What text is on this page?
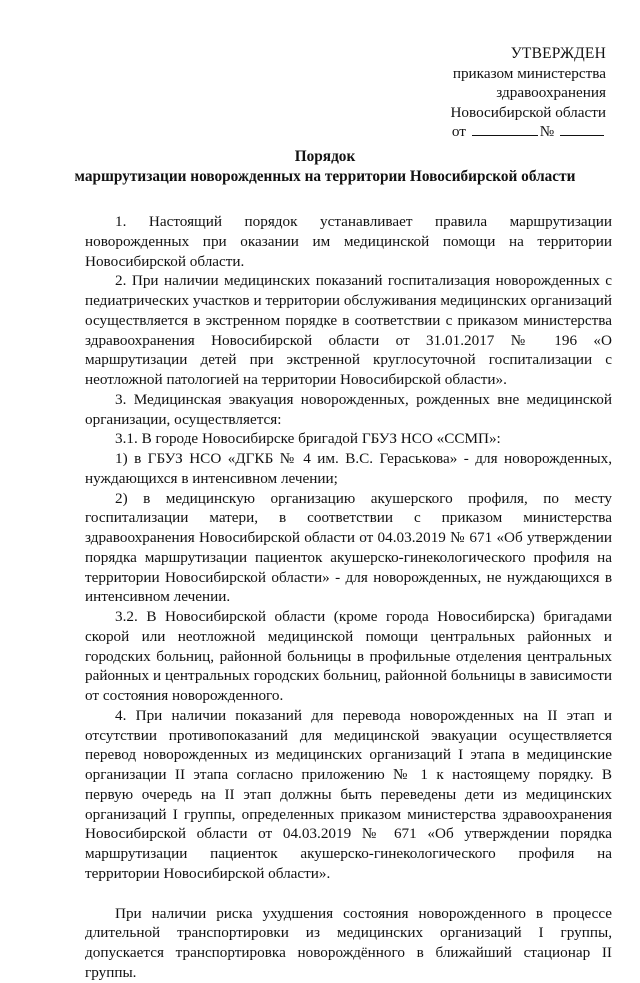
УТВЕРЖДЕН
приказом министерства
здравоохранения
Новосибирской области
от	№
Порядок
маршрутизации новорожденных на территории Новосибирской области

1. Настоящий порядок устанавливает правила маршрутизации новорожденных при оказании им медицинской помощи на территории Новосибирской области.

2. При наличии медицинских показаний госпитализация новорожденных с педиатрических участков и территории обслуживания медицинских организаций осуществляется в экстренном порядке в соответствии с приказом министерства здравоохранения Новосибирской области от 31.01.2017 № 196 «О маршрутизации детей при экстренной круглосуточной госпитализации с неотложной патологией на территории Новосибирской области».

3. Медицинская эвакуация новорожденных, рожденных вне медицинской организации, осуществляется:

3.1. В городе Новосибирске бригадой ГБУЗ НСО «ССМП»:

1) в ГБУЗ НСО «ДГКБ № 4 им. В.С. Гераськова» - для новорожденных, нуждающихся в интенсивном лечении;

2) в медицинскую организацию акушерского профиля, по месту госпитализации матери, в соответствии с приказом министерства здравоохранения Новосибирской области от 04.03.2019 № 671 «Об утверждении порядка маршрутизации пациенток акушерско-гинекологического профиля на территории Новосибирской области» - для новорожденных, не нуждающихся в интенсивном лечении.

3.2. В Новосибирской области (кроме города Новосибирска) бригадами скорой или неотложной медицинской помощи центральных районных и городских больниц, районной больницы в профильные отделения центральных районных и центральных городских больниц, районной больницы в зависимости от состояния новорожденного.

4. При наличии показаний для перевода новорожденных на II этап и отсутствии противопоказаний для медицинской эвакуации осуществляется перевод новорожденных из медицинских организаций I этапа в медицинские организации II этапа согласно приложению № 1 к настоящему порядку. В первую очередь на II этап должны быть переведены дети из медицинских организаций I группы, определенных приказом министерства здравоохранения Новосибирской области от 04.03.2019 № 671 «Об утверждении порядка маршрутизации пациенток акушерско-гинекологического профиля на территории Новосибирской области».

При наличии риска ухудшения состояния новорожденного в процессе длительной транспортировки из медицинских организаций I группы, допускается транспортировка новорождённого в ближайший стационар II группы.
